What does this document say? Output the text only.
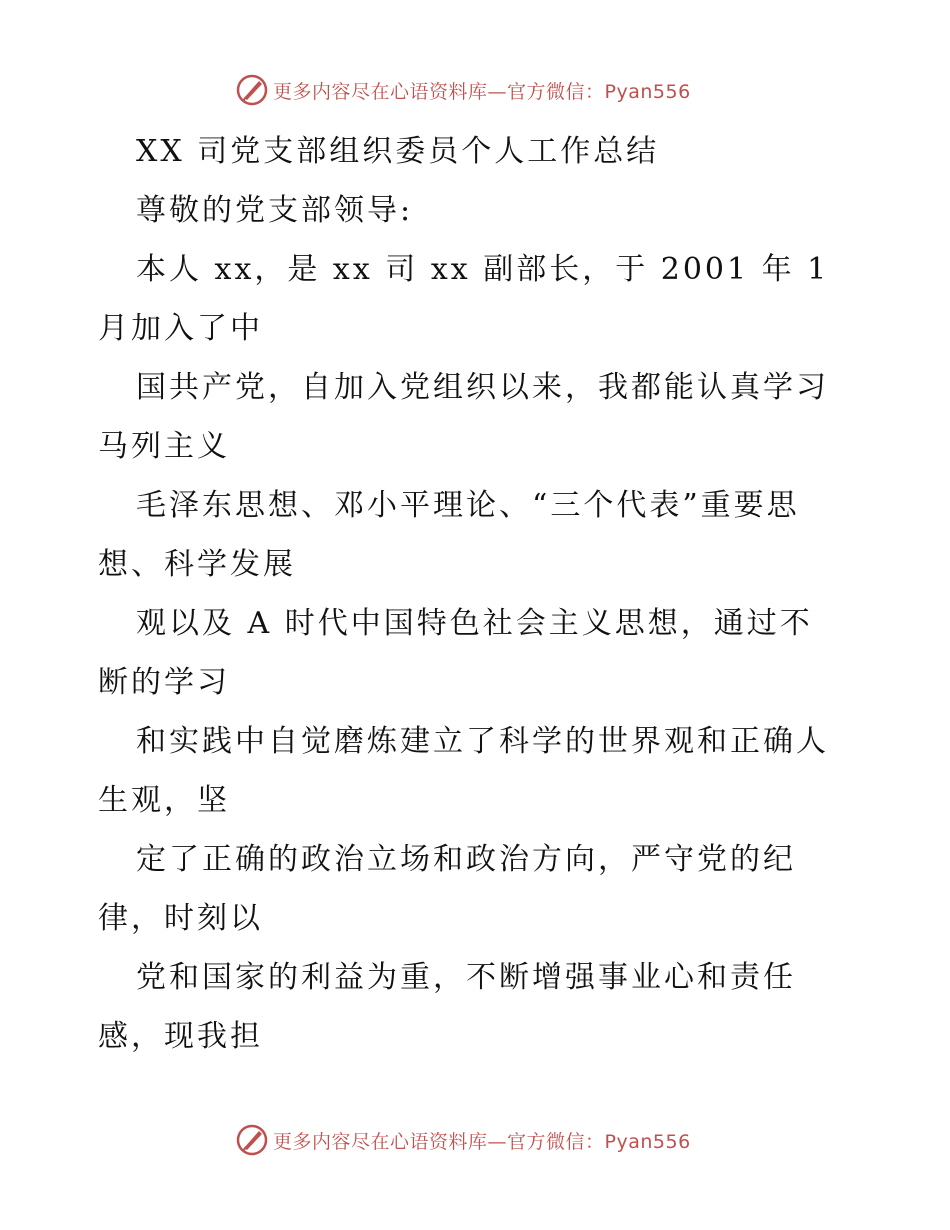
更多内容尽在心语资料库—官方微信：Pyan556
XX 司党支部组织委员个人工作总结
尊敬的党支部领导:
本人 xx，是 xx 司 xx 副部长，于 2001 年 1
月加入了中
国共产党，自加入党组织以来，我都能认真学习
马列主义
毛泽东思想、邓小平理论、“三个代表”重要思
想、科学发展
观以及 A 时代中国特色社会主义思想，通过不
断的学习
和实践中自觉磨炼建立了科学的世界观和正确人
生观，坚
定了正确的政治立场和政治方向，严守党的纪
律，时刻以
党和国家的利益为重，不断增强事业心和责任
感，现我担
更多内容尽在心语资料库—官方微信：Pyan556
